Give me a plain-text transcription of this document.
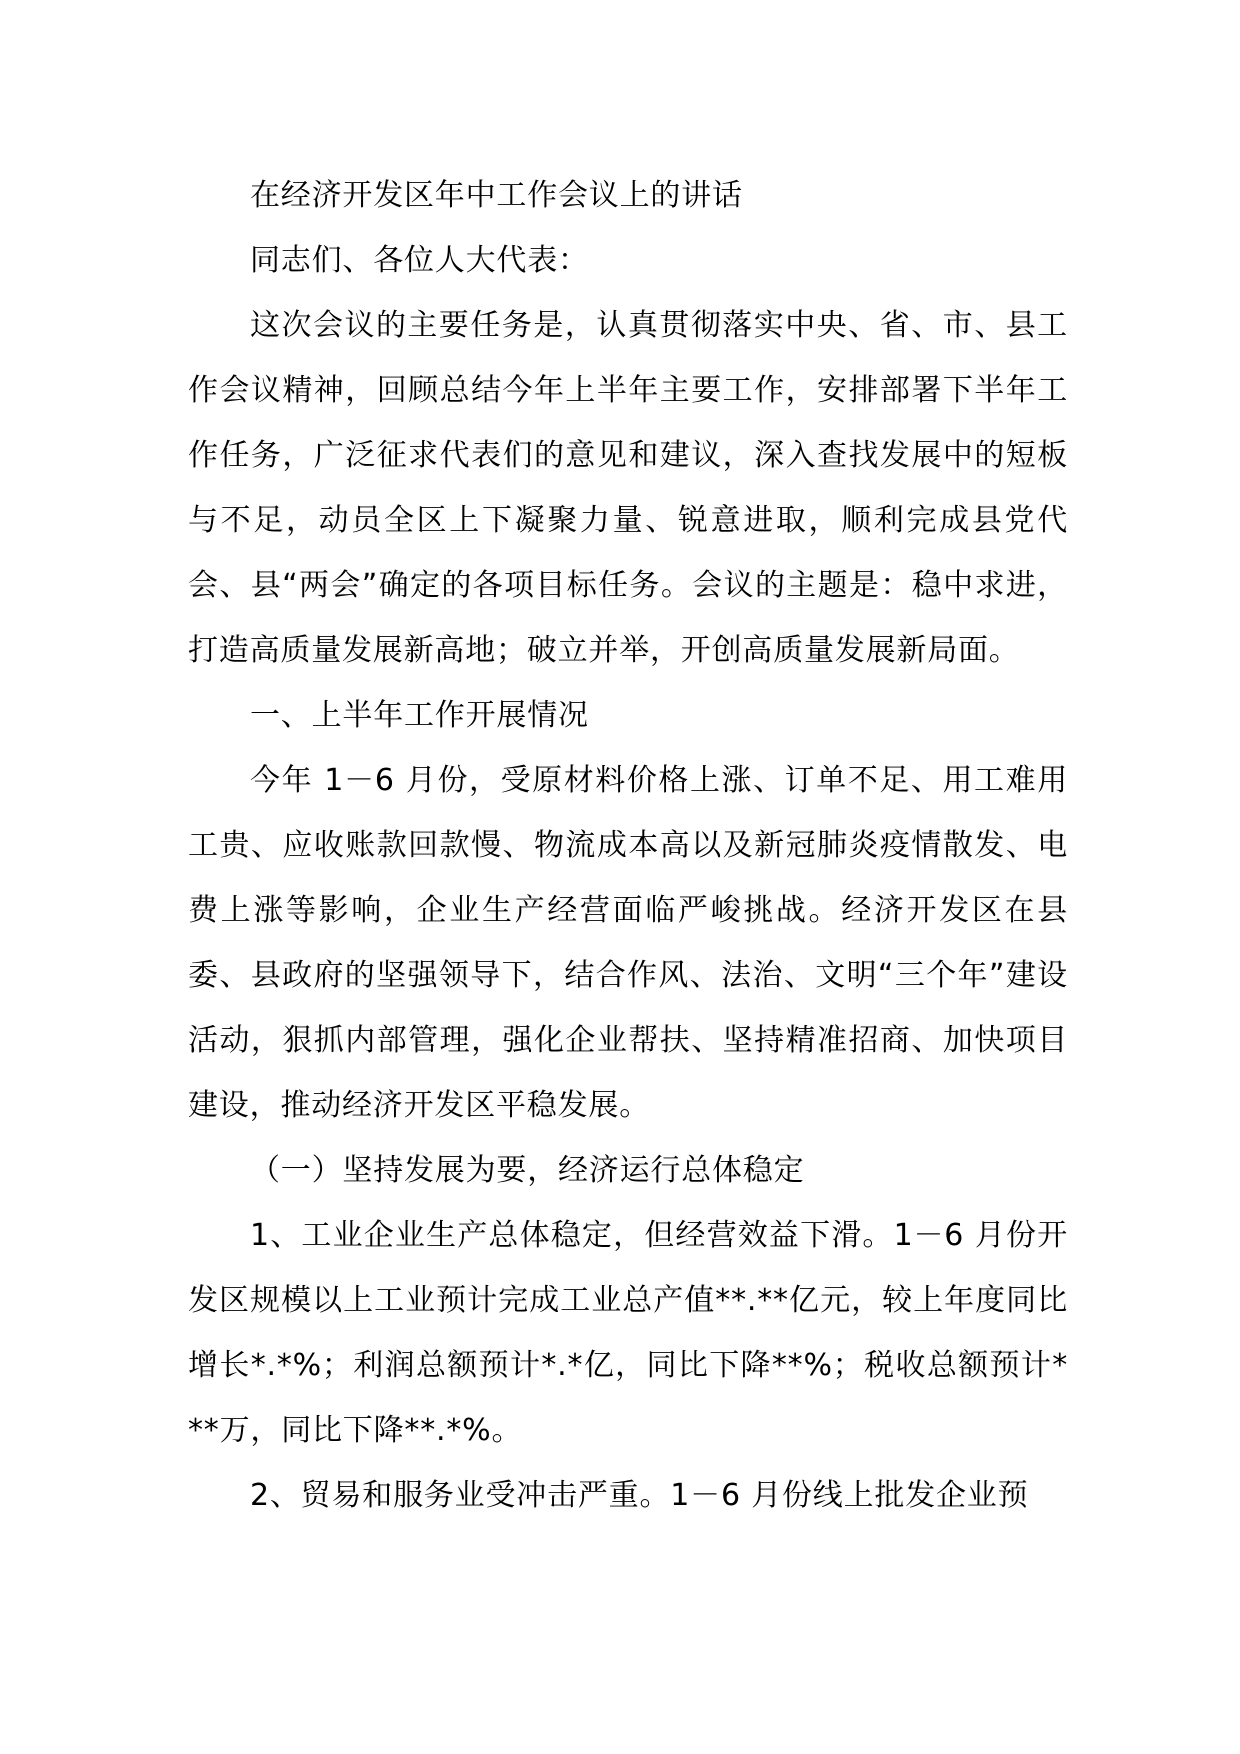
在经济开发区年中工作会议上的讲话

同志们、各位人大代表：

这次会议的主要任务是，认真贯彻落实中央、省、市、县工作会议精神，回顾总结今年上半年主要工作，安排部署下半年工作任务，广泛征求代表们的意见和建议，深入查找发展中的短板与不足，动员全区上下凝聚力量、锐意进取，顺利完成县党代会、县“两会”确定的各项目标任务。会议的主题是：稳中求进，打造高质量发展新高地；破立并举，开创高质量发展新局面。

一、上半年工作开展情况

今年 1－6 月份，受原材料价格上涨、订单不足、用工难用工贵、应收账款回款慢、物流成本高以及新冠肺炎疫情散发、电费上涨等影响，企业生产经营面临严峻挑战。经济开发区在县委、县政府的坚强领导下，结合作风、法治、文明“三个年”建设活动，狠抓内部管理，强化企业帮扶、坚持精准招商、加快项目建设，推动经济开发区平稳发展。

（一）坚持发展为要，经济运行总体稳定

1、工业企业生产总体稳定，但经营效益下滑。1－6 月份开发区规模以上工业预计完成工业总产值**.**亿元，较上年度同比增长*.*%；利润总额预计*.*亿，同比下降**%；税收总额预计***万，同比下降**.*%。

2、贸易和服务业受冲击严重。1－6 月份线上批发企业预
